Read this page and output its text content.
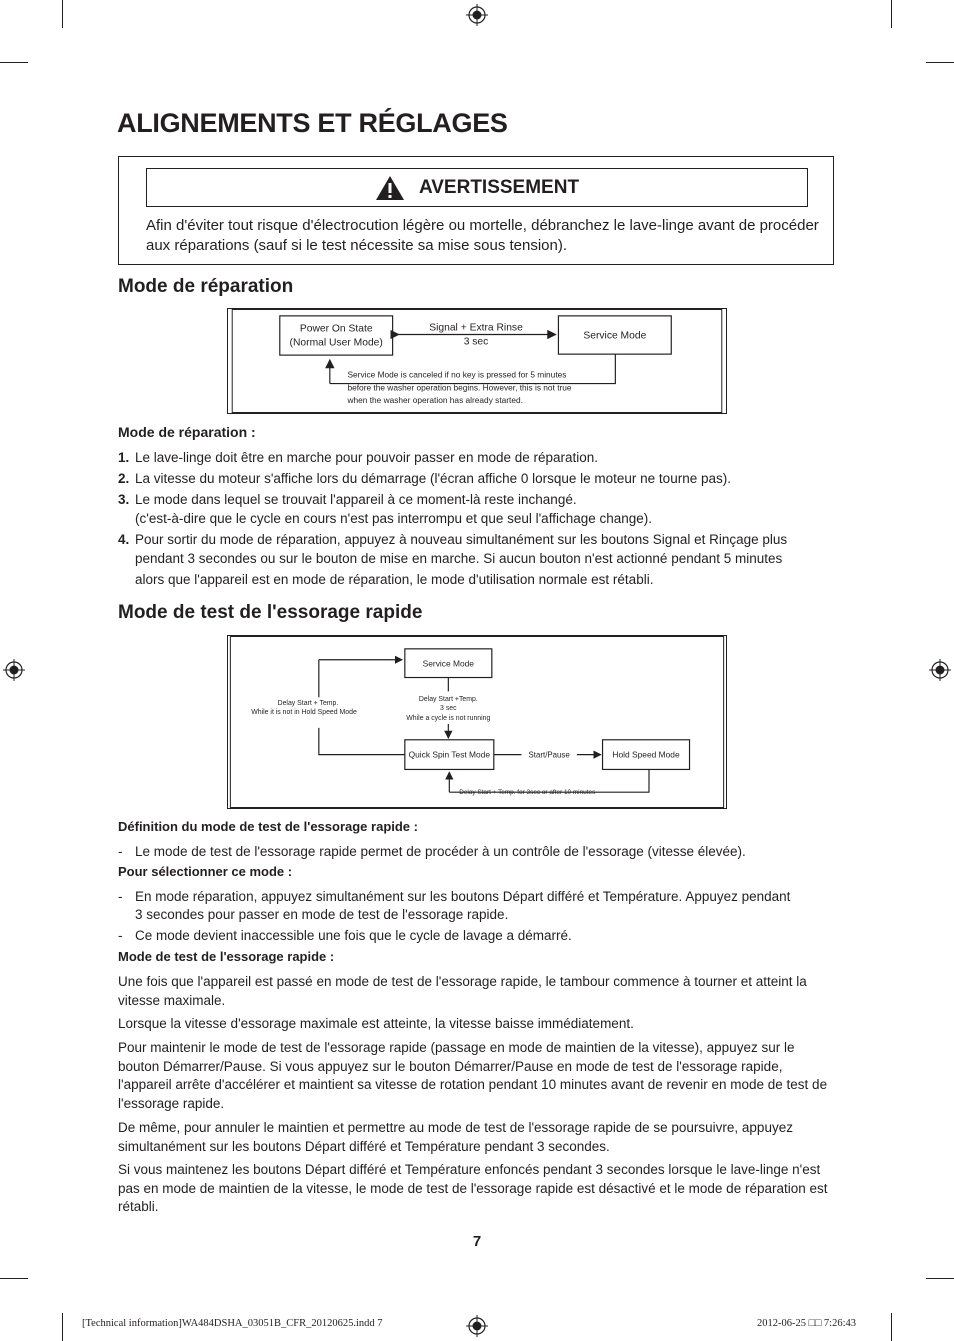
ALIGNEMENTS ET RÉGLAGES
AVERTISSEMENT
Afin d'éviter tout risque d'électrocution légère ou mortelle, débranchez le lave-linge avant de procéder aux réparations (sauf si le test nécessite sa mise sous tension).
Mode de réparation
Power On State
(Normal User Mode)
Service Mode
Signal + Extra Rinse
3 sec
Service Mode is canceled if no key is pressed for 5 minutes
before the washer operation begins. However, this is not true
when the washer operation has already started.
Mode de réparation :
1. Le lave-linge doit être en marche pour pouvoir passer en mode de réparation.
2. La vitesse du moteur s'affiche lors du démarrage (l'écran affiche 0 lorsque le moteur ne tourne pas).
3. Le mode dans lequel se trouvait l'appareil à ce moment-là reste inchangé.
(c'est-à-dire que le cycle en cours n'est pas interrompu et que seul l'affichage change).
4. Pour sortir du mode de réparation, appuyez à nouveau simultanément sur les boutons Signal et Rinçage plus pendant 3 secondes ou sur le bouton de mise en marche. Si aucun bouton n'est actionné pendant 5 minutes
alors que l'appareil est en mode de réparation, le mode d'utilisation normale est rétabli.
Mode de test de l'essorage rapide
Service Mode
Quick Spin Test Mode	Hold Speed Mode
Delay Start + Temp.
While it is not in Hold Speed Mode
Delay Start +Temp.
3 sec
While a cycle is not running
Start/Pause
Delay Start + Temp. for 3sec or after 10 minutes
Définition du mode de test de l'essorage rapide :
- Le mode de test de l'essorage rapide permet de procéder à un contrôle de l'essorage (vitesse élevée).
Pour sélectionner ce mode :
- En mode réparation, appuyez simultanément sur les boutons Départ différé et Température. Appuyez pendant
3 secondes pour passer en mode de test de l'essorage rapide.
- Ce mode devient inaccessible une fois que le cycle de lavage a démarré.
Mode de test de l'essorage rapide :

Une fois que l'appareil est passé en mode de test de l'essorage rapide, le tambour commence à tourner et atteint la vitesse maximale.

Lorsque la vitesse d'essorage maximale est atteinte, la vitesse baisse immédiatement.

Pour maintenir le mode de test de l'essorage rapide (passage en mode de maintien de la vitesse), appuyez sur le bouton Démarrer/Pause. Si vous appuyez sur le bouton Démarrer/Pause en mode de test de l'essorage rapide, l'appareil arrête d'accélérer et maintient sa vitesse de rotation pendant 10 minutes avant de revenir en mode de test de l'essorage rapide.

De même, pour annuler le maintien et permettre au mode de test de l'essorage rapide de se poursuivre, appuyez simultanément sur les boutons Départ différé et Température pendant 3 secondes.

Si vous maintenez les boutons Départ différé et Température enfoncés pendant 3 secondes lorsque le lave-linge n'est pas en mode de maintien de la vitesse, le mode de test de l'essorage rapide est désactivé et le mode de réparation est rétabli.

7
[Technical information]WA484DSHA_03051B_CFR_20120625.indd 7	2012-06-25 □□ 7:26:43
